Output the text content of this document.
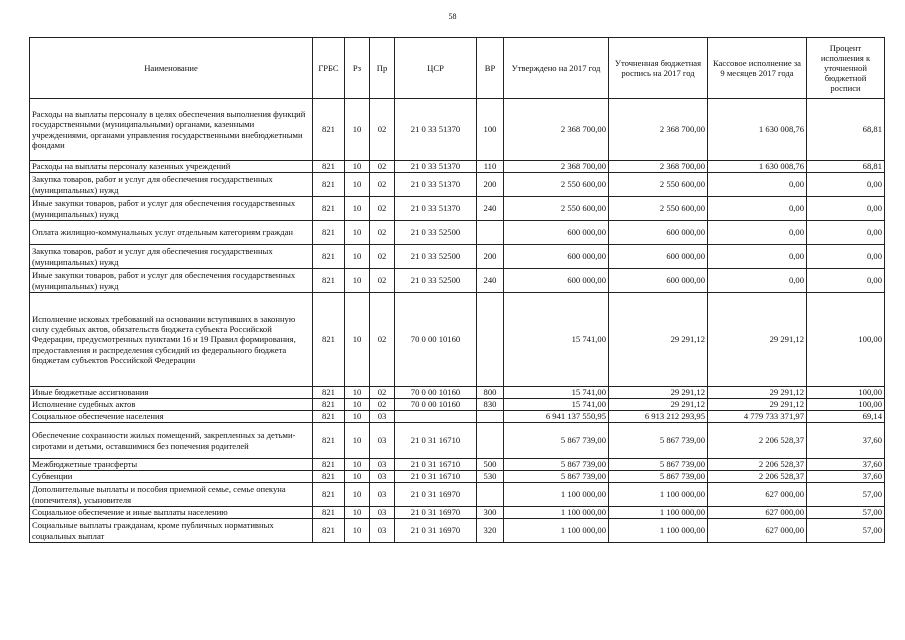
58
Наименование	ГРБС	Рз	Пр	ЦСР	ВР	Утверждено на 2017 год	Уточненная бюджетная роспись на 2017 год	Кассовое исполнение за 9 месяцев 2017 года	Процент исполнения к уточненной бюджетной росписи
Расходы на выплаты персоналу в целях обеспечения выполнения функций государственными (муниципальными) органами, казенными учреждениями, органами управления государственными внебюджетными фондами	821	10	02	21 0 33 51370	100	2 368 700,00	2 368 700,00	1 630 008,76	68,81
Расходы на выплаты персоналу казенных учреждений	821	10	02	21 0 33 51370	110	2 368 700,00	2 368 700,00	1 630 008,76	68,81
Закупка товаров, работ и услуг для обеспечения государственных (муниципальных) нужд	821	10	02	21 0 33 51370	200	2 550 600,00	2 550 600,00	0,00	0,00
Иные закупки товаров, работ и услуг для обеспечения государственных (муниципальных) нужд	821	10	02	21 0 33 51370	240	2 550 600,00	2 550 600,00	0,00	0,00
Оплата жилищно-коммунальных услуг отдельным категориям граждан	821	10	02	21 0 33 52500		600 000,00	600 000,00	0,00	0,00
Закупка товаров, работ и услуг для обеспечения государственных (муниципальных) нужд	821	10	02	21 0 33 52500	200	600 000,00	600 000,00	0,00	0,00
Иные закупки товаров, работ и услуг для обеспечения государственных (муниципальных) нужд	821	10	02	21 0 33 52500	240	600 000,00	600 000,00	0,00	0,00
Исполнение исковых требований на основании вступивших в законную силу судебных актов, обязательств бюджета субъекта Российской Федерации, предусмотренных пунктами 16 и 19 Правил формирования, предоставления и распределения субсидий из федерального бюджета бюджетам субъектов Российской Федерации	821	10	02	70 0 00 10160		15 741,00	29 291,12	29 291,12	100,00
Иные бюджетные ассигнования	821	10	02	70 0 00 10160	800	15 741,00	29 291,12	29 291,12	100,00
Исполнение судебных актов	821	10	02	70 0 00 10160	830	15 741,00	29 291,12	29 291,12	100,00
Социальное обеспечение населения	821	10	03			6 941 137 550,95	6 913 212 293,95	4 779 733 371,97	69,14
Обеспечение сохранности жилых помещений, закрепленных за детьми-сиротами и детьми, оставшимися без попечения родителей	821	10	03	21 0 31 16710		5 867 739,00	5 867 739,00	2 206 528,37	37,60
Межбюджетные трансферты	821	10	03	21 0 31 16710	500	5 867 739,00	5 867 739,00	2 206 528,37	37,60
Субвенции	821	10	03	21 0 31 16710	530	5 867 739,00	5 867 739,00	2 206 528,37	37,60
Дополнительные выплаты и пособия приемной семье, семье опекуна (попечителя), усыновителя	821	10	03	21 0 31 16970		1 100 000,00	1 100 000,00	627 000,00	57,00
Социальное обеспечение и иные выплаты населению	821	10	03	21 0 31 16970	300	1 100 000,00	1 100 000,00	627 000,00	57,00
Социальные выплаты гражданам, кроме публичных нормативных социальных выплат	821	10	03	21 0 31 16970	320	1 100 000,00	1 100 000,00	627 000,00	57,00
